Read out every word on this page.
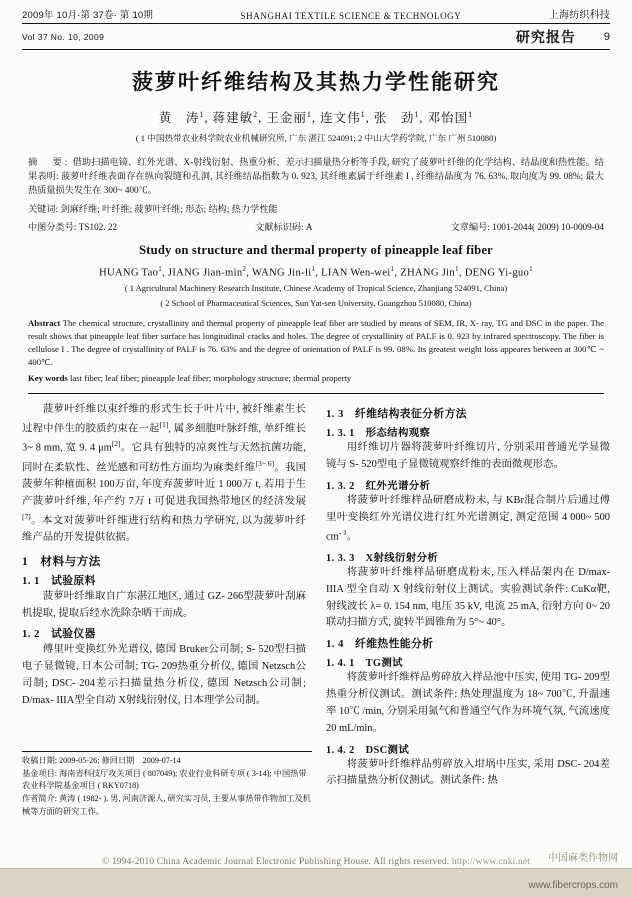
2009年 10月·第 37卷· 第 10期	SHANGHAI TEXTILE SCIENCE & TECHNOLOGY	上海纺织科技
Vol 37 No. 10, 2009	研究报告	9
菠萝叶纤维结构及其热力学性能研究
黄　涛$^1$, 蒋建敏$^2$, 王金丽$^1$, 连文伟$^1$, 张　劲$^1$, 邓怡国$^1$
( 1 中国热带农业科学院农业机械研究所, 广东 湛江 524091; 2 中山大学药学院, 广东 广州 510080)
摘　要: 借助扫描电镜、红外光谱、X-射线衍射、热重分析、差示扫描量热分析等手段, 研究了菠萝叶纤维的化学结构、结晶度和热性能。结果表明: 菠萝叶纤维表面存在纵向裂缝和孔洞, 其纤维结晶指数为 0. 923, 其纤维素属于纤维素 I , 纤维结晶度为 76. 63%, 取向度为 99. 08%; 最大热质量损失发生在 300~ 400℃。
关键词: 剑麻纤维; 叶纤维; 菠萝叶纤维; 形态; 结构; 热力学性能
中图分类号: TS102. 22	文献标识码: A	文章编号: 1001-2044( 2009) 10-0009-04
Study on structure and thermal property of pineapple leaf fiber
HUANG Tao$^1$, JIANG Jian-$\min^2$, WANG Jin-$li^1$, LIAN Wen-wei$^1$, ZHANG Jin$^1$, DENG Yi-guo$^1$
( 1 Agricultural Machinery Research Institute, Chinese Academy of Tropical Science, Zhanjiang 524091, China)
( 2 School of Pharmaceutical Sciences, Sun Yat-sen University, Guangzhou 510080, China)
Abstract The chemical structure, crystallinity and thermal property of pineapple leaf fiber are studied by means of SEM, IR, X- ray, TG and DSC in the paper. The result shows that pineapple leaf fiber surface has longitudinal cracks and holes. The degree of crystallinity of PALF is 0. 923 by infrared spectroscopy. The fiber is cellulose I . The degree of crystallinity of PALF is 76. 63% and the degree of orientation of PALF is 99. 08%. Its greatest weight loss appeares between at 300℃ ~ 400℃.
Key words last fiber; leaf fiber; pineapple leaf fiber; morphology structure; thermal property

菠萝叶纤维以束纤维的形式生长于叶片中, 被纤维素生长过程中伴生的胶质约束在一起[1], 属多细胞叶脉纤维, 单纤维长 3~ 8 mm, 宽 9. 4 μm[2]。它具有独特的凉爽性与天然抗菌功能, 同时在柔软性、丝光感和可纺性方面均为麻类纤维[3~ 6]。我国菠萝年种植面积 100万亩, 年度弃菠萝叶近 1 000万 t, 若用于生产菠萝叶纤维, 年产约 7万 t 可促进我国热带地区的经济发展[7]。本文对菠萝叶纤维进行结构和热力学研究, 以为菠萝叶纤维产品的开发提供依据。

1　材料与方法
1. 1　试验原料

菠萝叶纤维取自广东湛江地区, 通过 GZ- 266型菠萝叶刮麻机提取, 提取后经水洗除杂晒干而成。

1. 2　试验仪器

傅里叶变换红外光谱仪, 德国 Bruker公司制; S- 520型扫描电子显微镜, 日本公司制; TG- 209热重分析仪, 德国 Netzsch公司制; DSC- 204差示扫描量热分析仪, 德国 Netzsch公司制; D/max- IIIA型全自动 X射线衍射仪, 日本理学公司制。

1. 3　纤维结构表征分析方法
1. 3. 1　形态结构观察

用纤维切片器将菠萝叶纤维切片, 分别采用普通光学显微镜与 S- 520型电子显微镜观察纤维的表面微观形态。

1. 3. 2　红外光谱分析

将菠萝叶纤维样品研磨成粉末, 与 KBr混合制片后通过傅里叶变换红外光谱仪进行红外光谱测定, 测定范围 4 000~ 500 $cm^{- 1}$。

1. 3. 3　X射线衍射分析

将菠萝叶纤维样品研磨成粉末, 压入样品架内在 D/max- IIIA 型全自动 X 射线衍射仪上测试。实验测试条件: CuKα靶, 射线波长 λ= 0. 154 nm, 电压 35 kV, 电流 25 mA, 衍射方向 0~ 20联动扫描方式, 旋转半圆锥角为 5°~ 40°。

1. 4　纤维热性能分析
1. 4. 1　TG测试

将菠萝叶纤维样品剪碎放入样品池中压实, 使用 TG- 209型热重分析仪测试。测试条件: 热处理温度为 18~ 700℃, 升温速率 10℃ /min, 分别采用氮气和普通空气作为环境气氛, 气流速度 20 mL/min。

1. 4. 2　DSC测试

将菠萝叶纤维样品剪碎放入坩埚中压实, 采用 DSC- 204差示扫描量热分析仪测试。测试条件: 热

收稿日期: 2009-05-26; 修回日期　2009-07-14
基金项目: 海南省科技厅攻关项目 ( 807049); 农业行业科研专项 ( 3-14); 中国热带农业科学院基金项目 ( RKY0718)
作者简介: 黄涛 ( 1982- ), 男, 河南济源人, 研究实习员, 主要从事热带作物加工及机械等方面的研究工作。
© 1994-2010 China Academic Journal Electronic Publishing House. All rights reserved. http://www.cnki.net	中国麻类作物网
www.fibercrops.com
